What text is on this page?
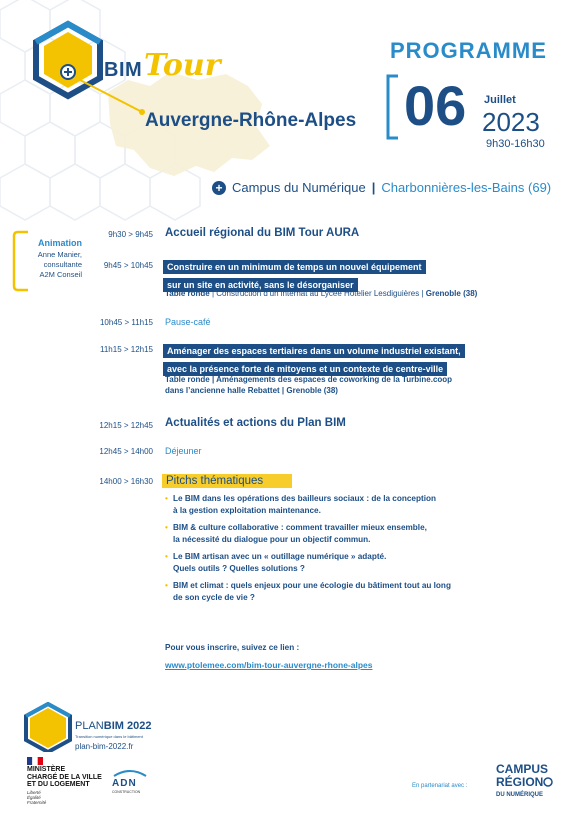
BIM Tour
Auvergne-Rhône-Alpes
PROGRAMME
06 Juillet
2023
9h30-16h30
+ Campus du Numérique | Charbonnières-les-Bains (69)
Animation
Anne Manier,
consultante
A2M Conseil
9h30 > 9h45 Accueil régional du BIM Tour AURA
9h45 > 10h45	Construire en un minimum de temps un nouvel équipement
sur un site en activité, sans le désorganiser
Table ronde | Construction d’un internat au Lycée Hôtelier Lesdiguières | Grenoble (38)
10h45 > 11h15 Pause-café
11h15 > 12h15	Aménager des espaces tertiaires dans un volume industriel existant,
avec la présence forte de mitoyens et un contexte de centre-ville
Table ronde | Aménagements des espaces de coworking de la Turbine.coop
dans l’ancienne halle Rebattet | Grenoble (38)
12h15 > 12h45 Actualités et actions du Plan BIM
12h45 > 14h00 Déjeuner
14h00 > 16h30	Pitchs thématiques
• Le BIM dans les opérations des bailleurs sociaux : de la conception
à la gestion exploitation maintenance.
• BIM & culture collaborative : comment travailler mieux ensemble,
la nécessité du dialogue pour un objectif commun.
• Le BIM artisan avec un « outillage numérique » adapté.
Quels outils ? Quelles solutions ?
• BIM et climat : quels enjeux pour une écologie du bâtiment tout au long
de son cycle de vie ?
Pour vous inscrire, suivez ce lien :
www.ptolemee.com/bim-tour-auvergne-rhone-alpes
PLANBIM 2022
Transition numérique dans le bâtiment
plan-bim-2022.fr
MINISTÈRE
CHARGÉ DE LA VILLE
ET DU LOGEMENT
Liberté
Égalité
Fraternité
ADN
CONSTRUCTION
En partenariat avec :
CAMPUS
RÉGION
DU NUMÉRIQUE
